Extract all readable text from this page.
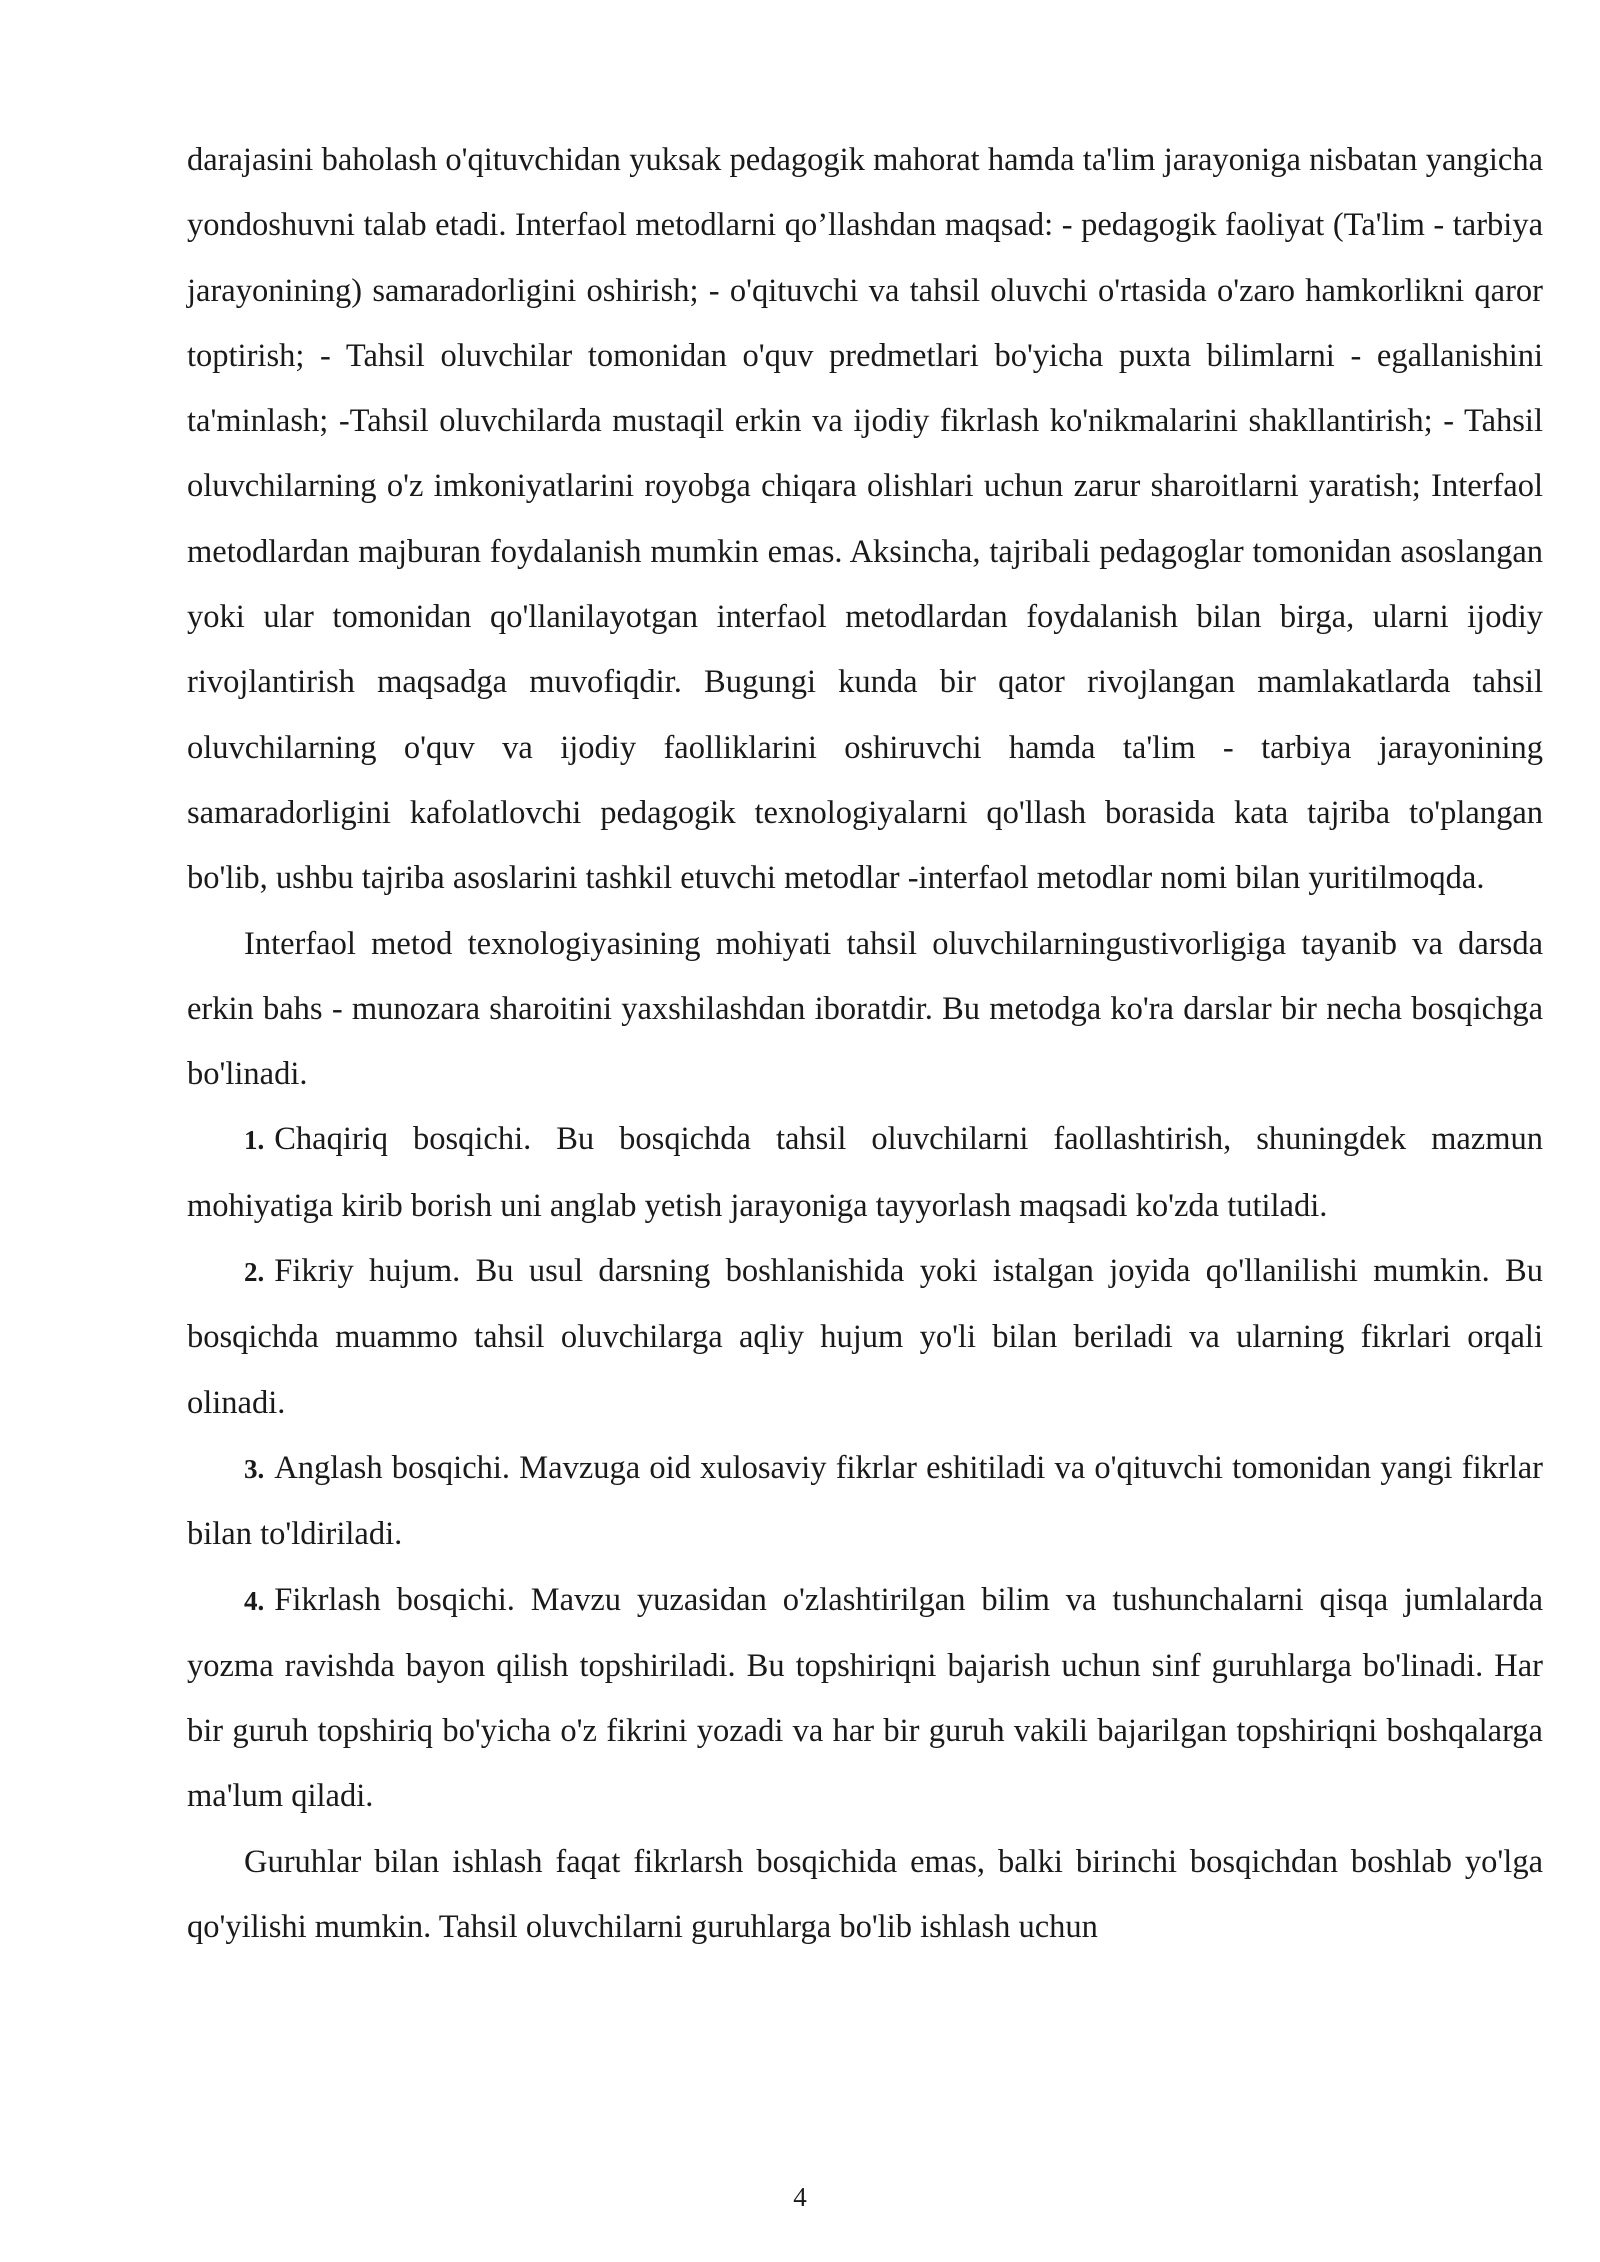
darajasini baholash o'qituvchidan yuksak pedagogik mahorat hamda ta'lim jarayoniga nisbatan yangicha yondoshuvni talab etadi. Interfaol metodlarni qo’llashdan maqsad: - pedagogik faoliyat (Ta'lim - tarbiya jarayonining) samaradorligini oshirish; - o'qituvchi va tahsil oluvchi o'rtasida o'zaro hamkorlikni qaror toptirish; - Tahsil oluvchilar tomonidan o'quv predmetlari bo'yicha puxta bilimlarni - egallanishini ta'minlash; -Tahsil oluvchilarda mustaqil erkin va ijodiy fikrlash ko'nikmalarini shakllantirish; - Tahsil oluvchilarning o'z imkoniyatlarini royobga chiqara olishlari uchun zarur sharoitlarni yaratish; Interfaol metodlardan majburan foydalanish mumkin emas. Aksincha, tajribali pedagoglar tomonidan asoslangan yoki ular tomonidan qo'llanilayotgan interfaol metodlardan foydalanish bilan birga, ularni ijodiy rivojlantirish maqsadga muvofiqdir. Bugungi kunda bir qator rivojlangan mamlakatlarda tahsil oluvchilarning o'quv va ijodiy faolliklarini oshiruvchi hamda ta'lim - tarbiya jarayonining samaradorligini kafolatlovchi pedagogik texnologiyalarni qo'llash borasida kata tajriba to'plangan bo'lib, ushbu tajriba asoslarini tashkil etuvchi metodlar -interfaol metodlar nomi bilan yuritilmoqda.

Interfaol metod texnologiyasining mohiyati tahsil oluvchilarningustivorligiga tayanib va darsda erkin bahs - munozara sharoitini yaxshilashdan iboratdir. Bu metodga ko'ra darslar bir necha bosqichga bo'linadi.

1. Chaqiriq bosqichi. Bu bosqichda tahsil oluvchilarni faollashtirish, shuningdek mazmun mohiyatiga kirib borish uni anglab yetish jarayoniga tayyorlash maqsadi ko'zda tutiladi.

2. Fikriy hujum. Bu usul darsning boshlanishida yoki istalgan joyida qo'llanilishi mumkin. Bu bosqichda muammo tahsil oluvchilarga aqliy hujum yo'li bilan beriladi va ularning fikrlari orqali olinadi.

3. Anglash bosqichi. Mavzuga oid xulosaviy fikrlar eshitiladi va o'qituvchi tomonidan yangi fikrlar bilan to'ldiriladi.

4. Fikrlash bosqichi. Mavzu yuzasidan o'zlashtirilgan bilim va tushunchalarni qisqa jumlalarda yozma ravishda bayon qilish topshiriladi. Bu topshiriqni bajarish uchun sinf guruhlarga bo'linadi. Har bir guruh topshiriq bo'yicha o'z fikrini yozadi va har bir guruh vakili bajarilgan topshiriqni boshqalarga ma'lum qiladi.

Guruhlar bilan ishlash faqat fikrlarsh bosqichida emas, balki birinchi bosqichdan boshlab yo'lga qo'yilishi mumkin. Tahsil oluvchilarni guruhlarga bo'lib ishlash uchun

4
